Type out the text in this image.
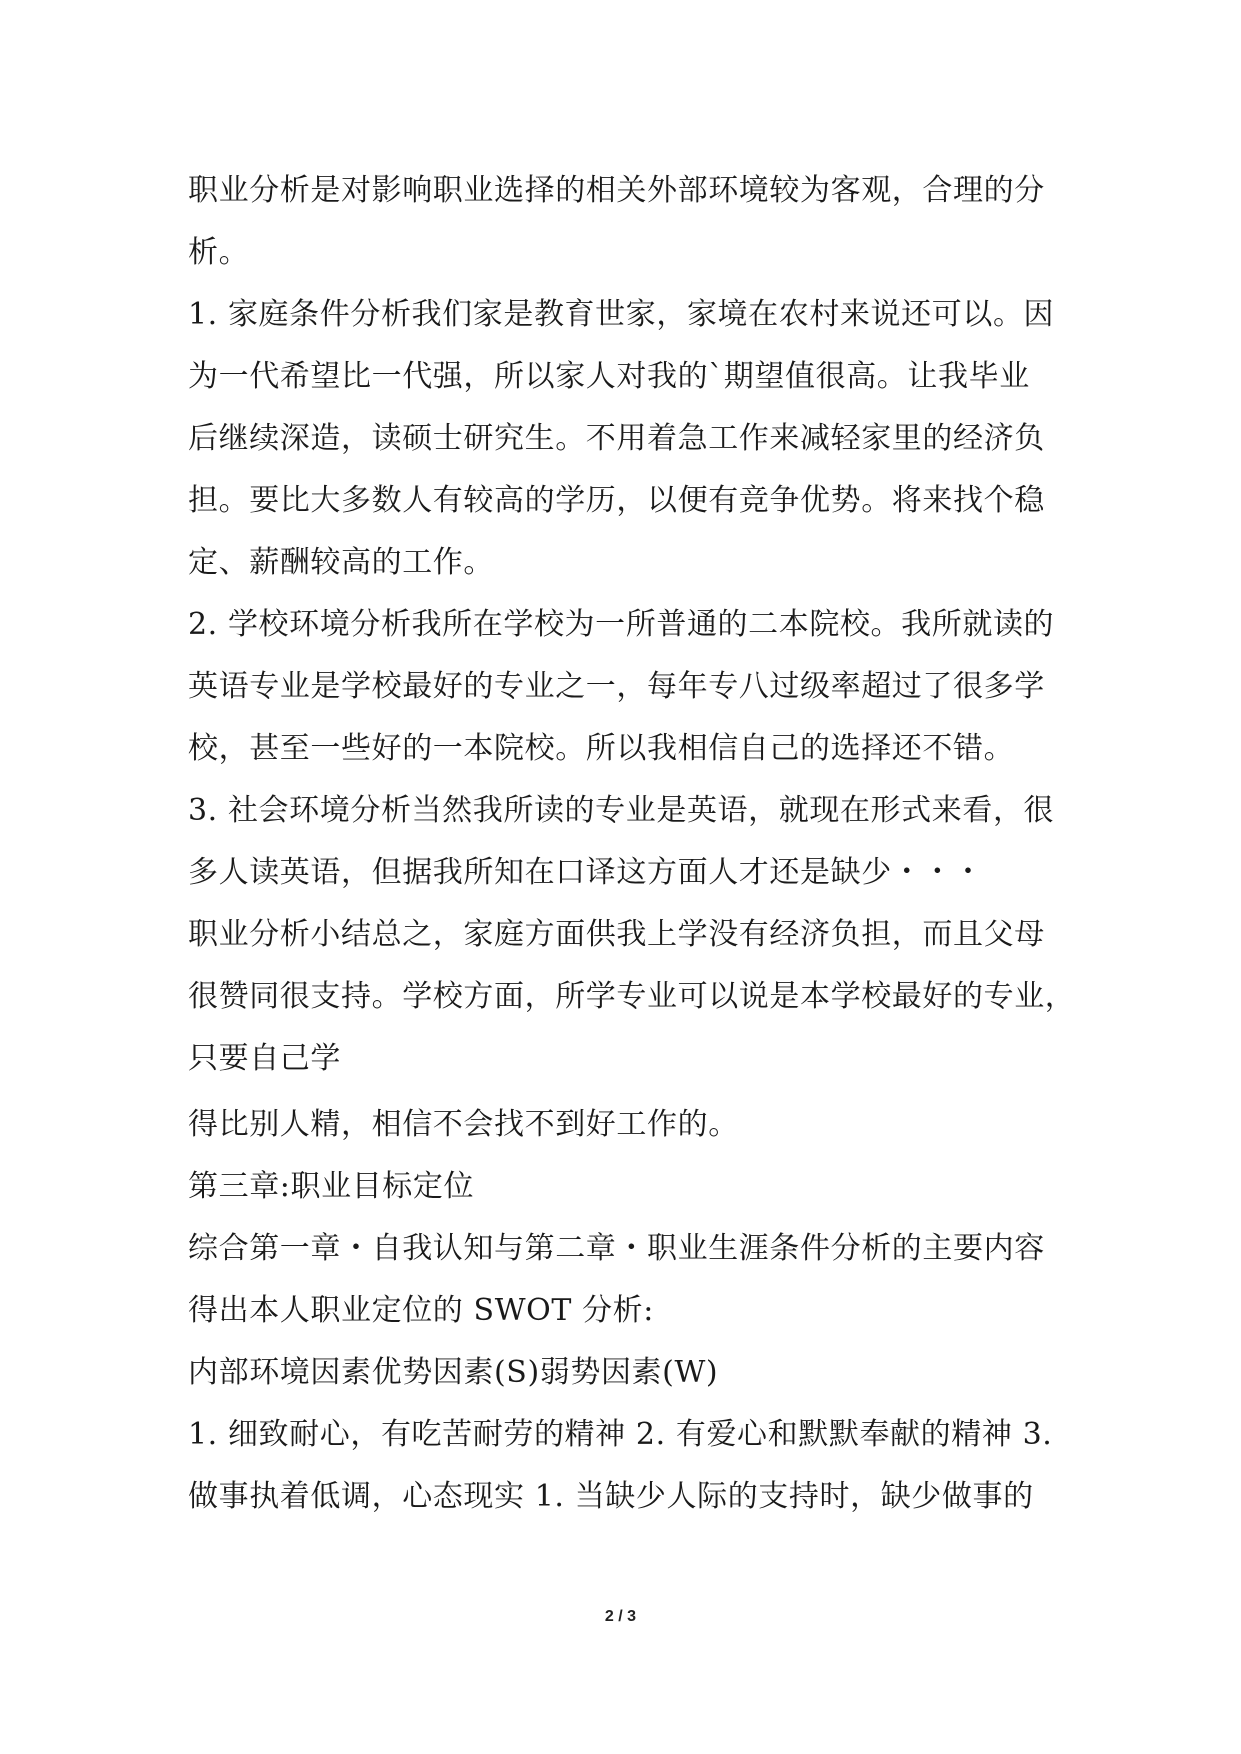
职业分析是对影响职业选择的相关外部环境较为客观，合理的分
析。
1. 家庭条件分析我们家是教育世家，家境在农村来说还可以。因
为一代希望比一代强，所以家人对我的`期望值很高。让我毕业
后继续深造，读硕士研究生。不用着急工作来减轻家里的经济负
担。要比大多数人有较高的学历，以便有竞争优势。将来找个稳
定、薪酬较高的工作。
2. 学校环境分析我所在学校为一所普通的二本院校。我所就读的
英语专业是学校最好的专业之一，每年专八过级率超过了很多学
校，甚至一些好的一本院校。所以我相信自己的选择还不错。
3. 社会环境分析当然我所读的专业是英语，就现在形式来看，很
多人读英语，但据我所知在口译这方面人才还是缺少・・・
职业分析小结总之，家庭方面供我上学没有经济负担，而且父母
很赞同很支持。学校方面，所学专业可以说是本学校最好的专业，
只要自己学
得比别人精，相信不会找不到好工作的。
第三章:职业目标定位
综合第一章・自我认知与第二章・职业生涯条件分析的主要内容
得出本人职业定位的 SWOT 分析:
内部环境因素优势因素(S)弱势因素(W)
1. 细致耐心，有吃苦耐劳的精神 2. 有爱心和默默奉献的精神 3.
做事执着低调，心态现实 1. 当缺少人际的支持时，缺少做事的
2 / 3
